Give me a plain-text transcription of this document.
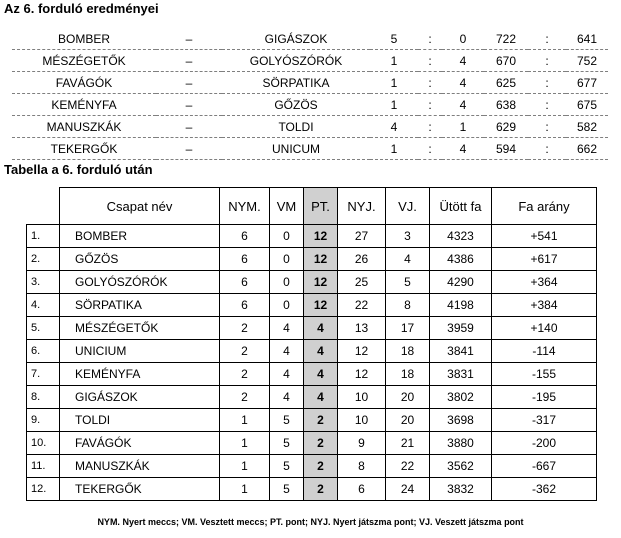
Az 6. forduló eredményei
BOMBER	–	GIGÁSZOK	5	:	0	722	:	641
MÉSZÉGETŐK	–	GOLYÓSZÓRÓK	1	:	4	670	:	752
FAVÁGÓK	–	SÖRPATIKA	1	:	4	625	:	677
KEMÉNYFA	–	GŐZÖS	1	:	4	638	:	675
MANUSZKÁK	–	TOLDI	4	:	1	629	:	582
TEKERGŐK	–	UNICUM	1	:	4	594	:	662
Tabella a 6. forduló után
	Csapat név	NYM.	VM	PT.	NYJ.	VJ.	Ütött fa	Fa arány
1.	BOMBER	6	0	12	27	3	4323	+541
2.	GŐZÖS	6	0	12	26	4	4386	+617
3.	GOLYÓSZÓRÓK	6	0	12	25	5	4290	+364
4.	SÖRPATIKA	6	0	12	22	8	4198	+384
5.	MÉSZÉGETŐK	2	4	4	13	17	3959	+140
6.	UNICIUM	2	4	4	12	18	3841	-114
7.	KEMÉNYFA	2	4	4	12	18	3831	-155
8.	GIGÁSZOK	2	4	4	10	20	3802	-195
9.	TOLDI	1	5	2	10	20	3698	-317
10.	FAVÁGÓK	1	5	2	9	21	3880	-200
11.	MANUSZKÁK	1	5	2	8	22	3562	-667
12.	TEKERGŐK	1	5	2	6	24	3832	-362
NYM. Nyert meccs; VM. Vesztett meccs; PT. pont; NYJ. Nyert játszma pont; VJ. Veszett játszma pont
